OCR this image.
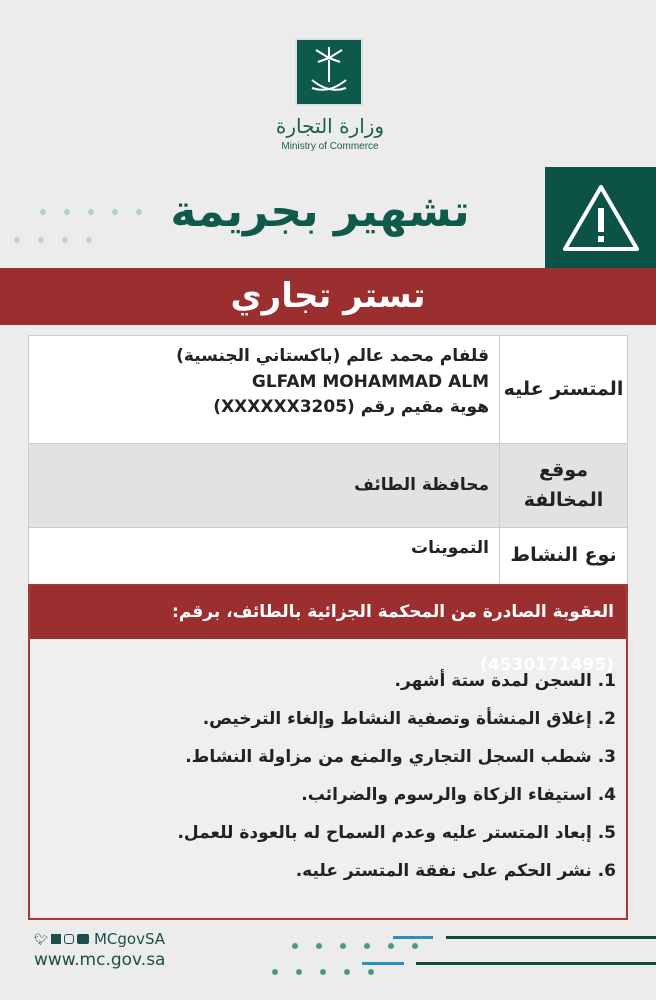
وزارة التجارة
Ministry of Commerce
تشهير بجريمة
تستر تجاري
المتستر عليه
قلفام محمد عالم (باكستاني الجنسية)
GLFAM MOHAMMAD ALM
هوية مقيم رقم (XXXXXX3205)
موقع المخالفة
محافظة الطائف
نوع النشاط
التموينات
العقوبة الصادرة من المحكمة الجزائية بالطائف، برقم:(4530171495)
1. السجن لمدة ستة أشهر.
2. إغلاق المنشأة وتصفية النشاط وإلغاء الترخيص.
3. شطب السجل التجاري والمنع من مزاولة النشاط.
4. استيفاء الزكاة والرسوم والضرائب.
5. إبعاد المتستر عليه وعدم السماح له بالعودة للعمل.
6. نشر الحكم على نفقة المتستر عليه.
🐦︎	MCgovSA
www.mc.gov.sa
